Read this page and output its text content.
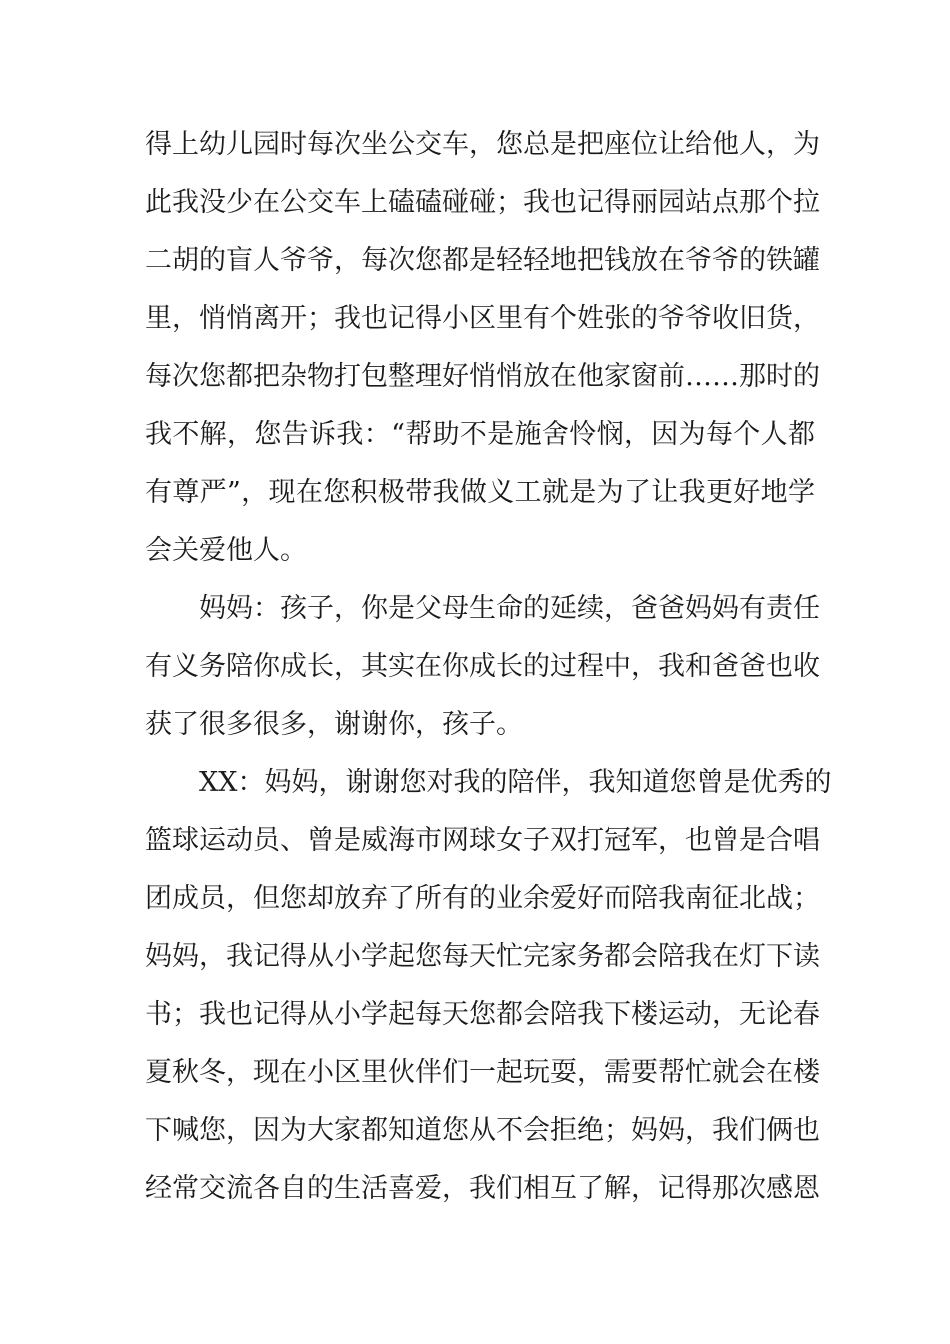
得上幼儿园时每次坐公交车，您总是把座位让给他人，为
此我没少在公交车上磕磕碰碰；我也记得丽园站点那个拉
二胡的盲人爷爷，每次您都是轻轻地把钱放在爷爷的铁罐
里，悄悄离开；我也记得小区里有个姓张的爷爷收旧货，
每次您都把杂物打包整理好悄悄放在他家窗前……那时的
我不解，您告诉我：“帮助不是施舍怜悯，因为每个人都
有尊严”，现在您积极带我做义工就是为了让我更好地学
会关爱他人。
妈妈：孩子，你是父母生命的延续，爸爸妈妈有责任
有义务陪你成长，其实在你成长的过程中，我和爸爸也收
获了很多很多，谢谢你，孩子。
XX：妈妈，谢谢您对我的陪伴，我知道您曾是优秀的
篮球运动员、曾是威海市网球女子双打冠军，也曾是合唱
团成员，但您却放弃了所有的业余爱好而陪我南征北战；
妈妈，我记得从小学起您每天忙完家务都会陪我在灯下读
书；我也记得从小学起每天您都会陪我下楼运动，无论春
夏秋冬，现在小区里伙伴们一起玩耍，需要帮忙就会在楼
下喊您，因为大家都知道您从不会拒绝；妈妈，我们俩也
经常交流各自的生活喜爱，我们相互了解，记得那次感恩
